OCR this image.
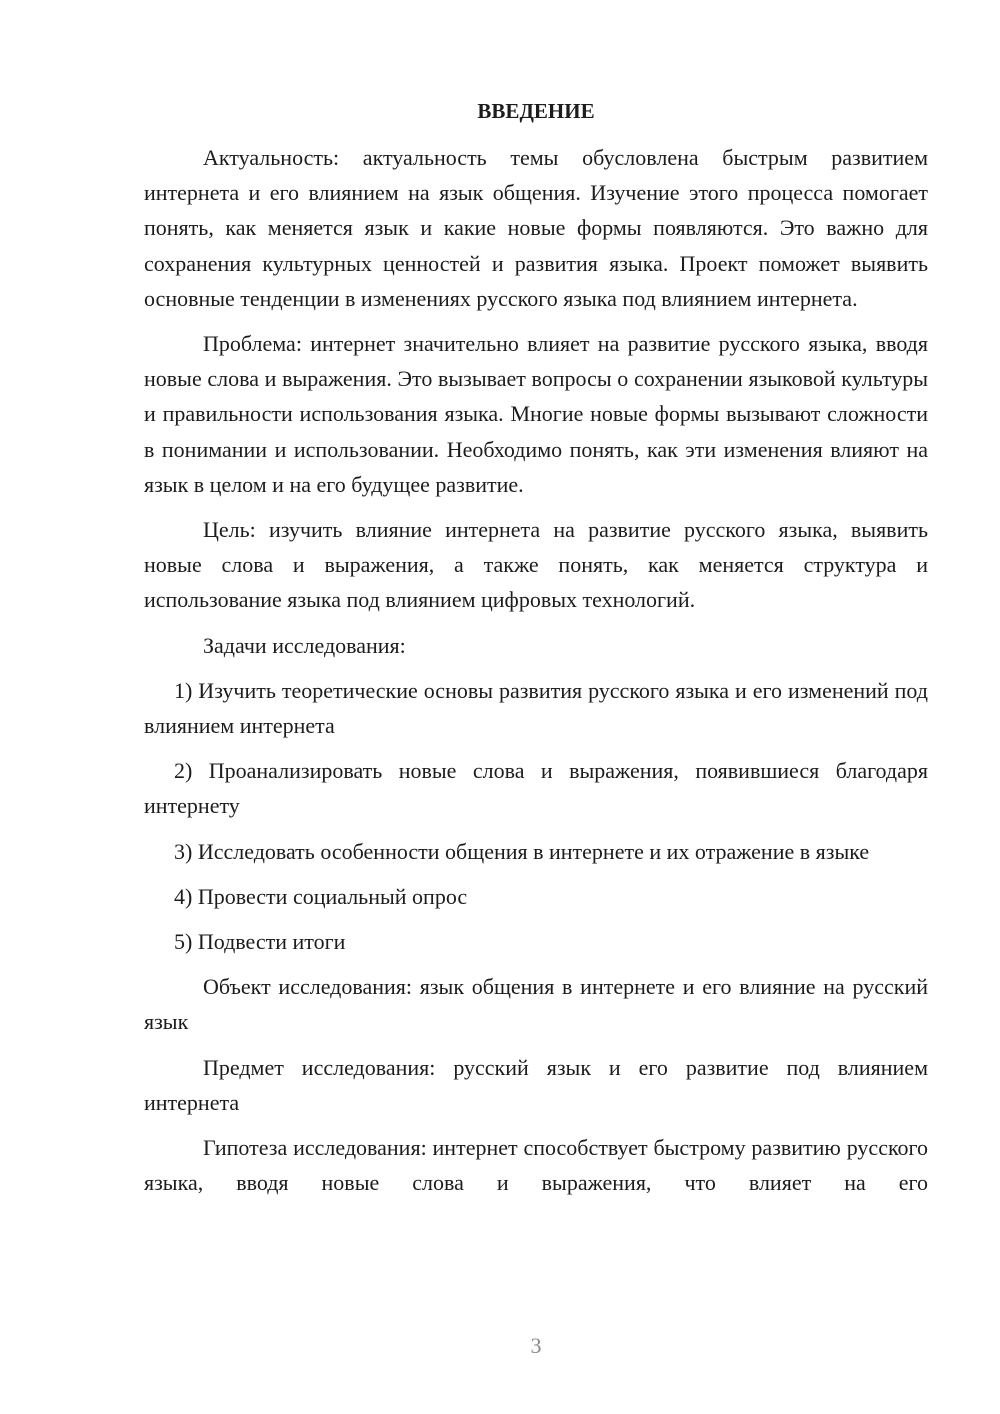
ВВЕДЕНИЕ

Актуальность: актуальность темы обусловлена быстрым развитием интернета и его влиянием на язык общения. Изучение этого процесса помогает понять, как меняется язык и какие новые формы появляются. Это важно для сохранения культурных ценностей и развития языка. Проект поможет выявить основные тенденции в изменениях русского языка под влиянием интернета.

Проблема: интернет значительно влияет на развитие русского языка, вводя новые слова и выражения. Это вызывает вопросы о сохранении языковой культуры и правильности использования языка. Многие новые формы вызывают сложности в понимании и использовании. Необходимо понять, как эти изменения влияют на язык в целом и на его будущее развитие.

Цель: изучить влияние интернета на развитие русского языка, выявить новые слова и выражения, а также понять, как меняется структура и использование языка под влиянием цифровых технологий.

Задачи исследования:

1) Изучить теоретические основы развития русского языка и его изменений под влиянием интернета

2) Проанализировать новые слова и выражения, появившиеся благодаря интернету

3) Исследовать особенности общения в интернете и их отражение в языке

4) Провести социальный опрос

5) Подвести итоги

Объект исследования: язык общения в интернете и его влияние на русский язык

Предмет исследования: русский язык и его развитие под влиянием интернета

Гипотеза исследования: интернет способствует быстрому развитию русского языка, вводя новые слова и выражения, что влияет на его

3
